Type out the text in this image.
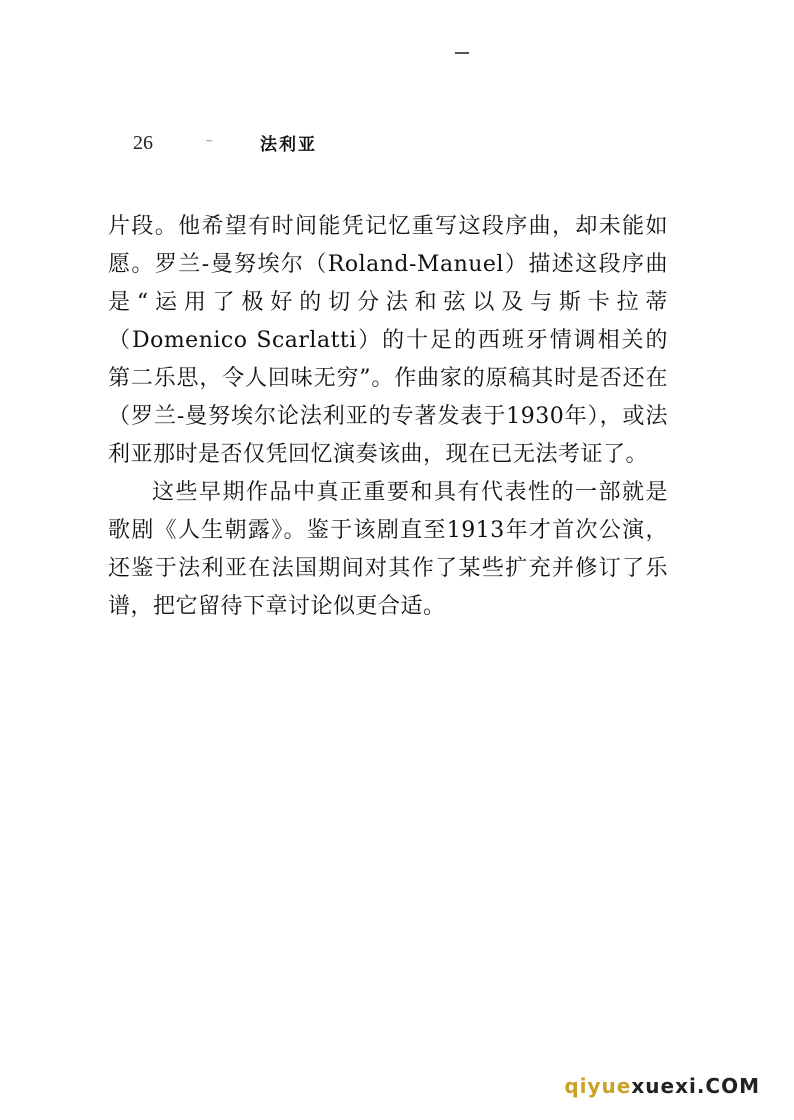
26	~	法利亚

片段。他希望有时间能凭记忆重写这段序曲，却未能如愿。罗兰-曼努埃尔（Roland-Manuel）描述这段序曲是“运用了极好的切分法和弦以及与斯卡拉蒂（Domenico Scarlatti）的十足的西班牙情调相关的第二乐思，令人回味无穷”。作曲家的原稿其时是否还在（罗兰-曼努埃尔论法利亚的专著发表于1930年），或法利亚那时是否仅凭回忆演奏该曲，现在已无法考证了。

这些早期作品中真正重要和具有代表性的一部就是歌剧《人生朝露》。鉴于该剧直至1913年才首次公演，还鉴于法利亚在法国期间对其作了某些扩充并修订了乐谱，把它留待下章讨论似更合适。

qiyuexuexi.COM
